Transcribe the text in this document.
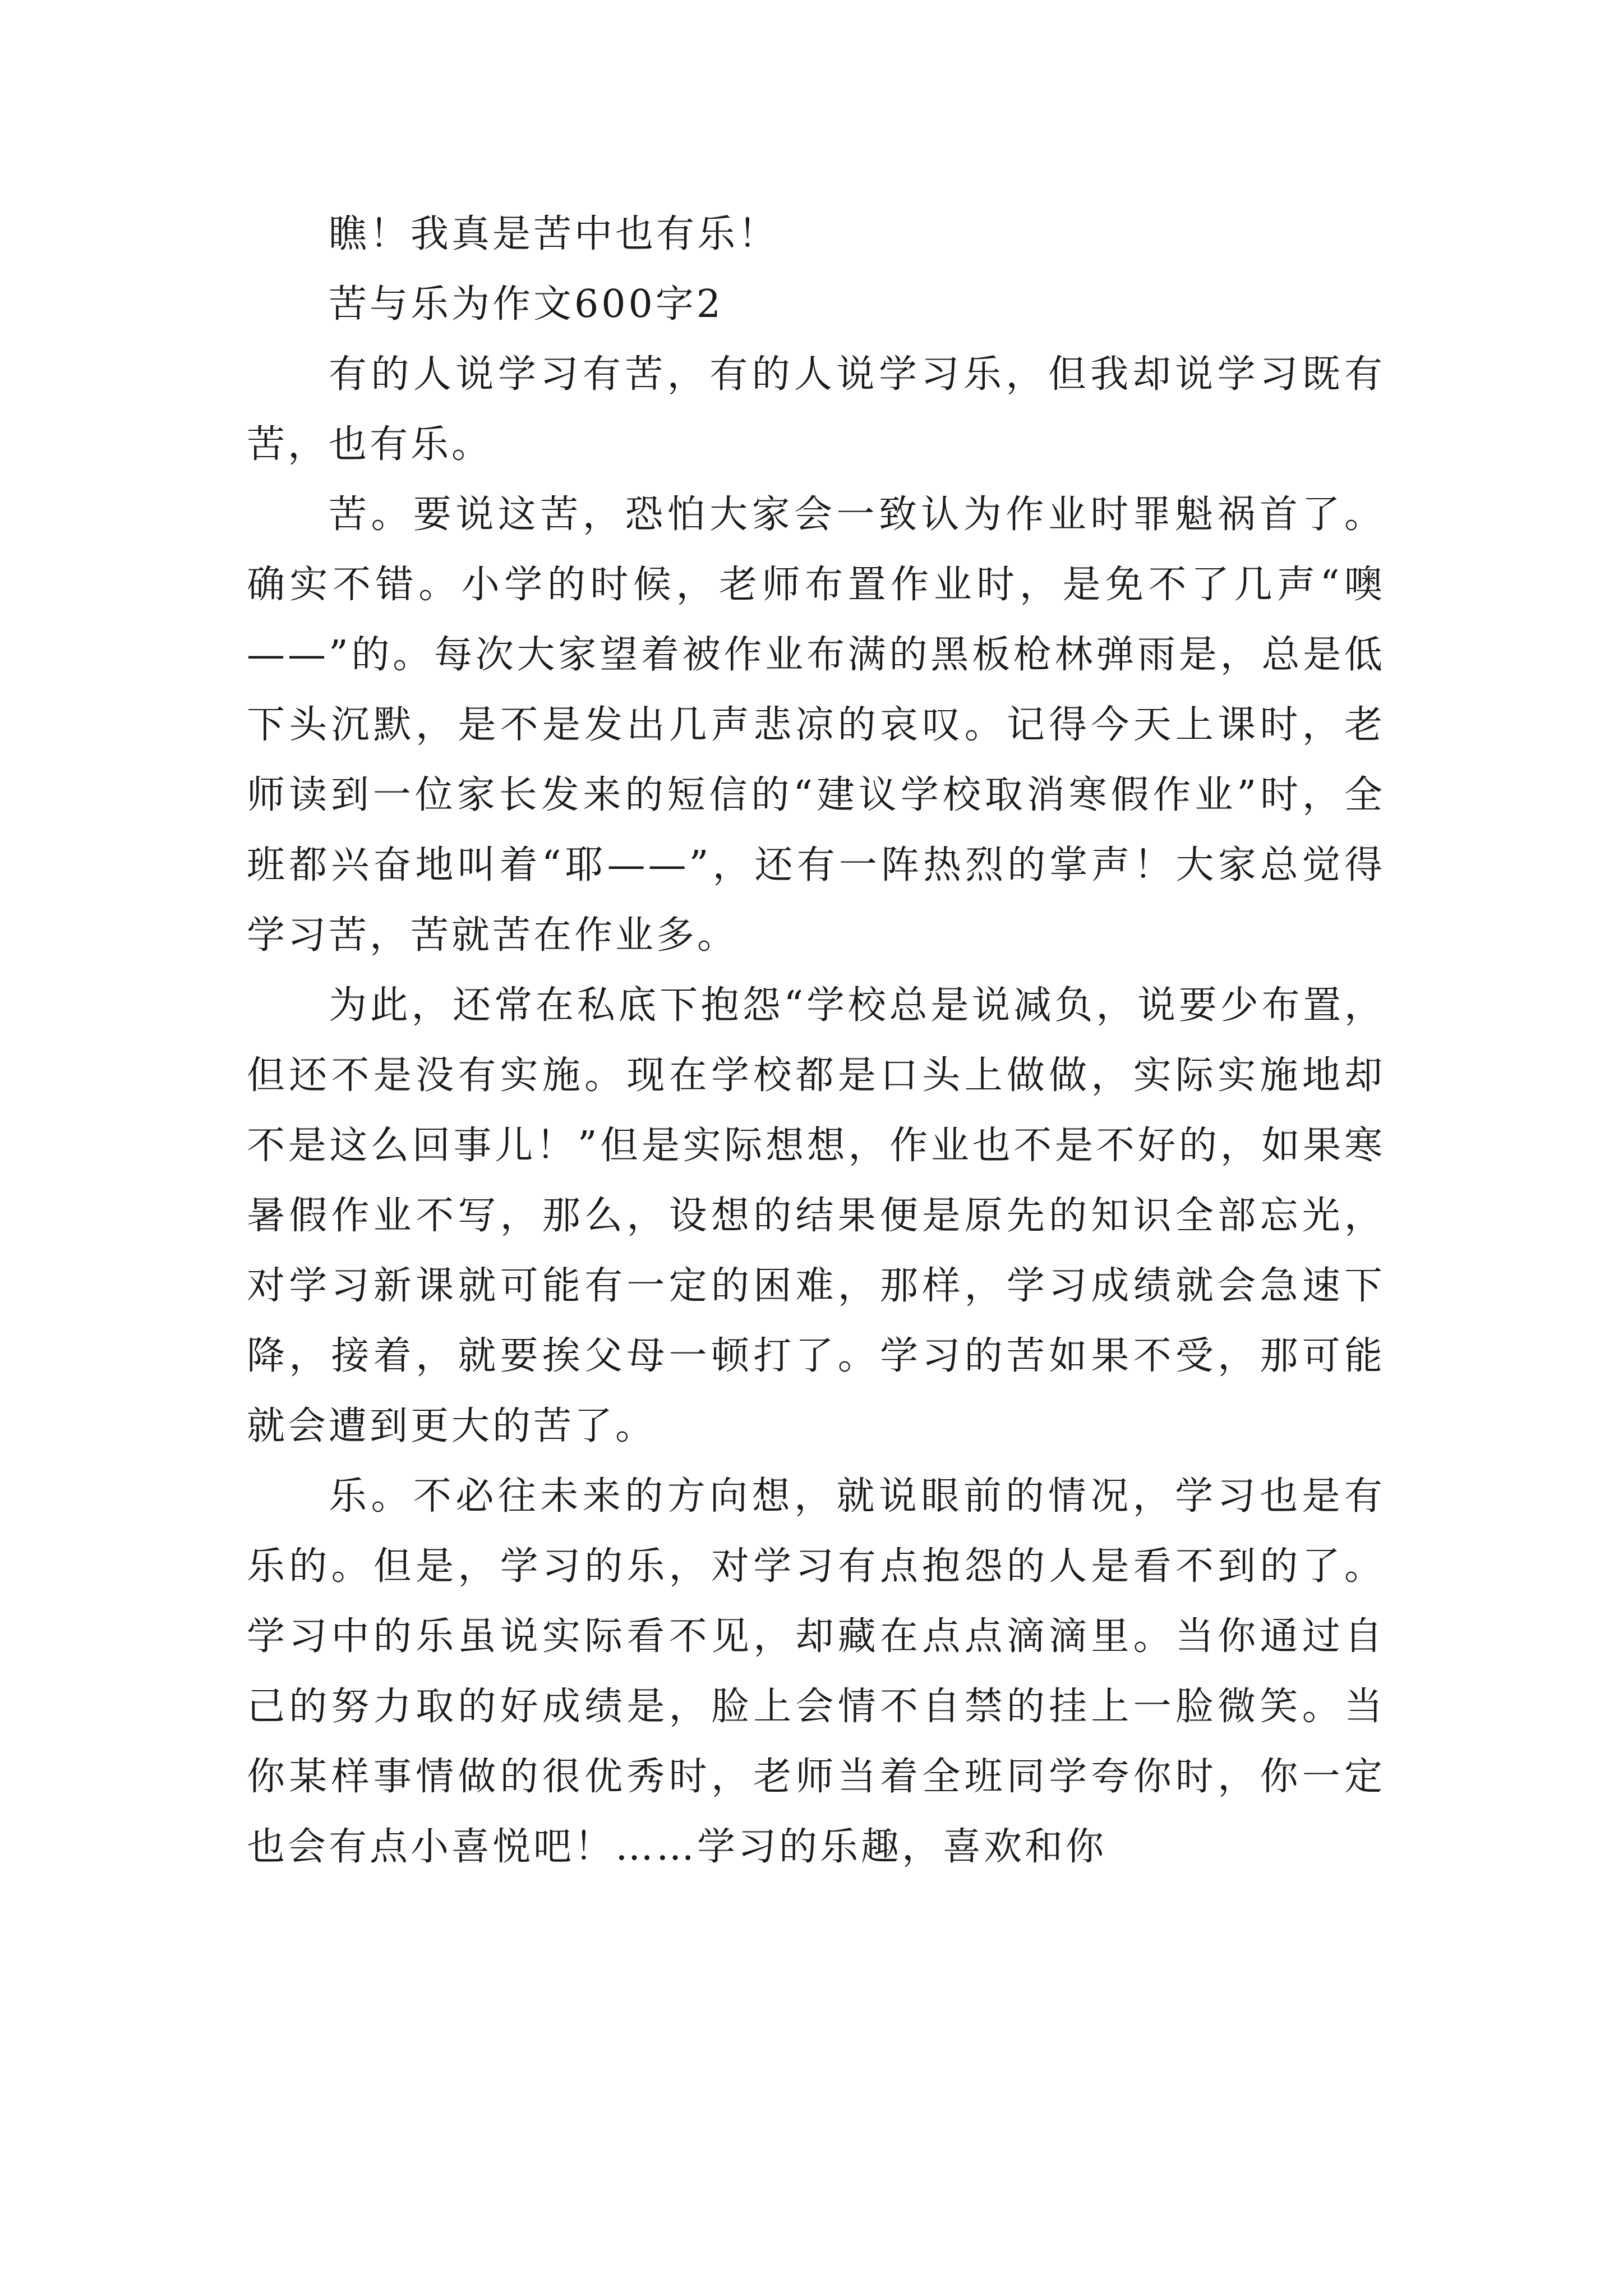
瞧！我真是苦中也有乐！

苦与乐为作文600字2

有的人说学习有苦，有的人说学习乐，但我却说学习既有苦，也有乐。

苦。要说这苦，恐怕大家会一致认为作业时罪魁祸首了。确实不错。小学的时候，老师布置作业时，是免不了几声“噢——”的。每次大家望着被作业布满的黑板枪林弹雨是，总是低下头沉默，是不是发出几声悲凉的哀叹。记得今天上课时，老师读到一位家长发来的短信的“建议学校取消寒假作业”时，全班都兴奋地叫着“耶——”，还有一阵热烈的掌声！大家总觉得学习苦，苦就苦在作业多。

为此，还常在私底下抱怨“学校总是说减负，说要少布置，但还不是没有实施。现在学校都是口头上做做，实际实施地却不是这么回事儿！”但是实际想想，作业也不是不好的，如果寒暑假作业不写，那么，设想的结果便是原先的知识全部忘光，对学习新课就可能有一定的困难，那样，学习成绩就会急速下降，接着，就要挨父母一顿打了。学习的苦如果不受，那可能就会遭到更大的苦了。

乐。不必往未来的方向想，就说眼前的情况，学习也是有乐的。但是，学习的乐，对学习有点抱怨的人是看不到的了。学习中的乐虽说实际看不见，却藏在点点滴滴里。当你通过自己的努力取的好成绩是，脸上会情不自禁的挂上一脸微笑。当你某样事情做的很优秀时，老师当着全班同学夸你时，你一定也会有点小喜悦吧！……学习的乐趣，喜欢和你
